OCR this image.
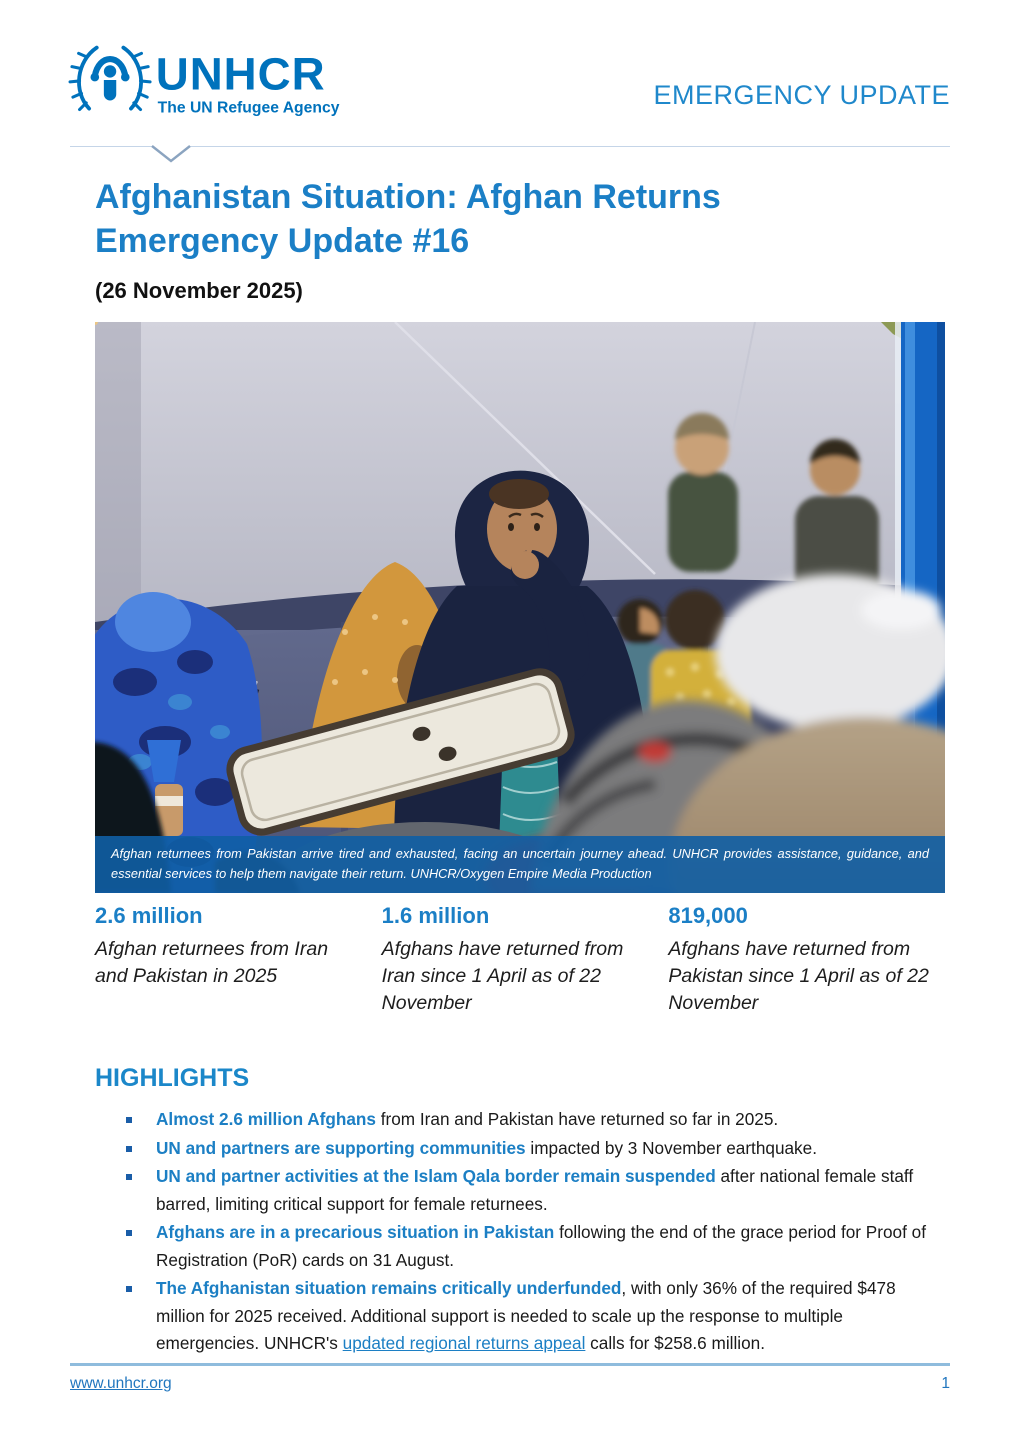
UNHCR
The UN Refugee Agency	EMERGENCY UPDATE
Afghanistan Situation: Afghan Returns
Emergency Update #16
(26 November 2025)
Afghan returnees from Pakistan arrive tired and exhausted, facing an uncertain journey ahead. UNHCR provides assistance, guidance, and essential services to help them navigate their return. UNHCR/Oxygen Empire Media Production
2.6 million
Afghan returnees from Iran and Pakistan in 2025
1.6 million
Afghans have returned from Iran since 1 April as of 22 November
819,000
Afghans have returned from Pakistan since 1 April as of 22 November
HIGHLIGHTS
Almost 2.6 million Afghans from Iran and Pakistan have returned so far in 2025.
UN and partners are supporting communities impacted by 3 November earthquake.
UN and partner activities at the Islam Qala border remain suspended after national female staff barred, limiting critical support for female returnees.
Afghans are in a precarious situation in Pakistan following the end of the grace period for Proof of Registration (PoR) cards on 31 August.
The Afghanistan situation remains critically underfunded, with only 36% of the required $478 million for 2025 received. Additional support is needed to scale up the response to multiple emergencies. UNHCR's updated regional returns appeal calls for $258.6 million.
www.unhcr.org	1
